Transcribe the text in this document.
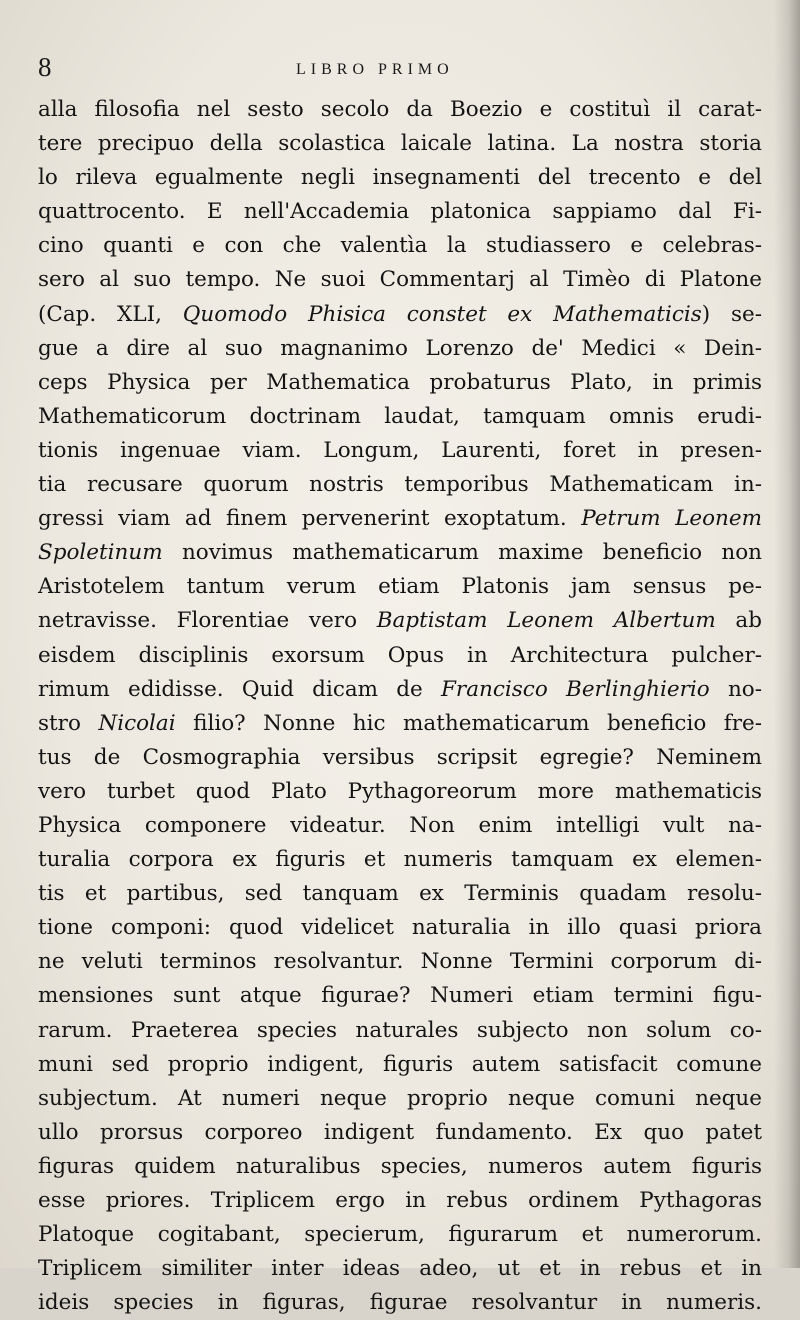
8	LIBRO PRIMO
alla filosofia nel sesto secolo da Boezio e costituì il carat-
tere precipuo della scolastica laicale latina. La nostra storia
lo rileva egualmente negli insegnamenti del trecento e del
quattrocento. E nell'Accademia platonica sappiamo dal Fi-
cino quanti e con che valentìa la studiassero e celebras-
sero al suo tempo. Ne suoi Commentarj al Timèo di Platone
(Cap. XLI, Quomodo Phisica constet ex Mathematicis) se-
gue a dire al suo magnanimo Lorenzo de' Medici « Dein-
ceps Physica per Mathematica probaturus Plato, in primis
Mathematicorum doctrinam laudat, tamquam omnis erudi-
tionis ingenuae viam. Longum, Laurenti, foret in presen-
tia recusare quorum nostris temporibus Mathematicam in-
gressi viam ad finem pervenerint exoptatum. Petrum Leonem
Spoletinum novimus mathematicarum maxime beneficio non
Aristotelem tantum verum etiam Platonis jam sensus pe-
netravisse. Florentiae vero Baptistam Leonem Albertum ab
eisdem disciplinis exorsum Opus in Architectura pulcher-
rimum edidisse. Quid dicam de Francisco Berlinghierio no-
stro Nicolai filio? Nonne hic mathematicarum beneficio fre-
tus de Cosmographia versibus scripsit egregie? Neminem
vero turbet quod Plato Pythagoreorum more mathematicis
Physica componere videatur. Non enim intelligi vult na-
turalia corpora ex figuris et numeris tamquam ex elemen-
tis et partibus, sed tanquam ex Terminis quadam resolu-
tione componi: quod videlicet naturalia in illo quasi priora
ne veluti terminos resolvantur. Nonne Termini corporum di-
mensiones sunt atque figurae? Numeri etiam termini figu-
rarum. Praeterea species naturales subjecto non solum co-
muni sed proprio indigent, figuris autem satisfacit comune
subjectum. At numeri neque proprio neque comuni neque
ullo prorsus corporeo indigent fundamento. Ex quo patet
figuras quidem naturalibus species, numeros autem figuris
esse priores. Triplicem ergo in rebus ordinem Pythagoras
Platoque cogitabant, specierum, figurarum et numerorum.
Triplicem similiter inter ideas adeo, ut et in rebus et in
ideis species in figuras, figurae resolvantur in numeris.
